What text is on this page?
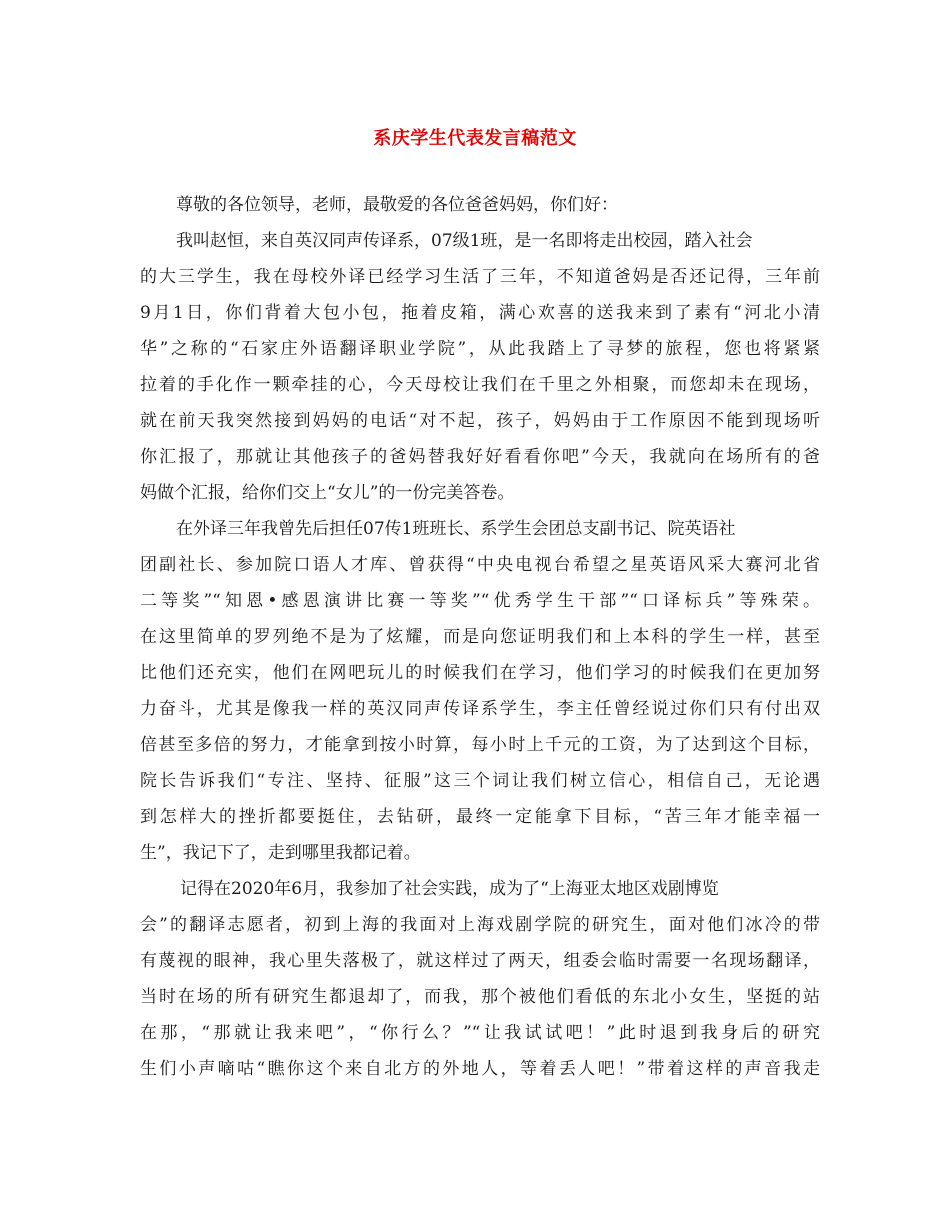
系庆学生代表发言稿范文
尊敬的各位领导，老师，最敬爱的各位爸爸妈妈，你们好：
我叫赵恒，来自英汉同声传译系，07级1班，是一名即将走出校园，踏入社会
的大三学生，我在母校外译已经学习生活了三年，不知道爸妈是否还记得，三年前
9月1日，你们背着大包小包，拖着皮箱，满心欢喜的送我来到了素有“河北小清
华”之称的“石家庄外语翻译职业学院”，从此我踏上了寻梦的旅程，您也将紧紧
拉着的手化作一颗牵挂的心，今天母校让我们在千里之外相聚，而您却未在现场，
就在前天我突然接到妈妈的电话“对不起，孩子，妈妈由于工作原因不能到现场听
你汇报了，那就让其他孩子的爸妈替我好好看看你吧”今天，我就向在场所有的爸
妈做个汇报，给你们交上“女儿”的一份完美答卷。
在外译三年我曾先后担任07传1班班长、系学生会团总支副书记、院英语社
团副社长、参加院口语人才库、曾获得“中央电视台希望之星英语风采大赛河北省
二等奖”“知恩•感恩演讲比赛一等奖”“优秀学生干部”“口译标兵”等殊荣。
在这里简单的罗列绝不是为了炫耀，而是向您证明我们和上本科的学生一样，甚至
比他们还充实，他们在网吧玩儿的时候我们在学习，他们学习的时候我们在更加努
力奋斗，尤其是像我一样的英汉同声传译系学生，李主任曾经说过你们只有付出双
倍甚至多倍的努力，才能拿到按小时算，每小时上千元的工资，为了达到这个目标，
院长告诉我们“专注、坚持、征服”这三个词让我们树立信心，相信自己，无论遇
到怎样大的挫折都要挺住，去钻研，最终一定能拿下目标，“苦三年才能幸福一
生”，我记下了，走到哪里我都记着。
记得在2020年6月，我参加了社会实践，成为了“上海亚太地区戏剧博览
会”的翻译志愿者，初到上海的我面对上海戏剧学院的研究生，面对他们冰冷的带
有蔑视的眼神，我心里失落极了，就这样过了两天，组委会临时需要一名现场翻译，
当时在场的所有研究生都退却了，而我，那个被他们看低的东北小女生，坚挺的站
在那，“那就让我来吧”，“你行么？”“让我试试吧！”此时退到我身后的研究
生们小声嘀咕“瞧你这个来自北方的外地人，等着丢人吧！”带着这样的声音我走
